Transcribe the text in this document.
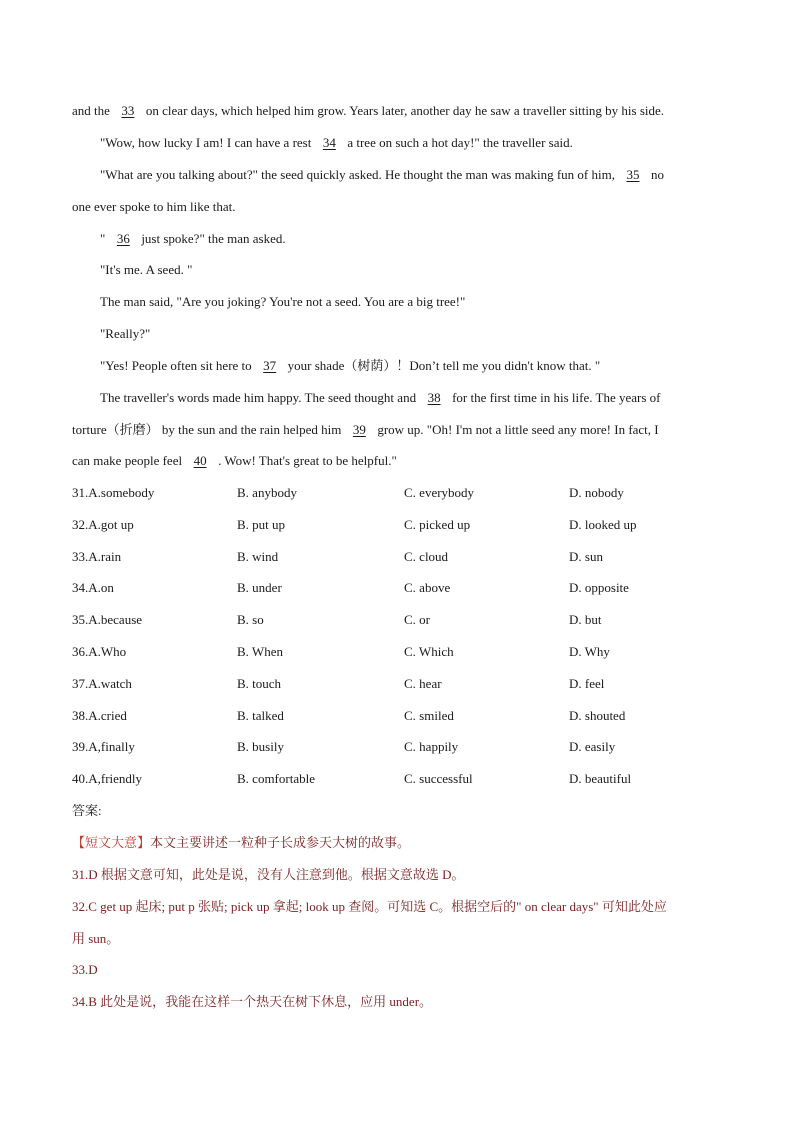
and the 33 on clear days, which helped him grow. Years later, another day he saw a traveller sitting by his side.
"Wow, how lucky I am! I can have a rest 34 a tree on such a hot day!" the traveller said.
"What are you talking about?" the seed quickly asked. He thought the man was making fun of him, 35 no
one ever spoke to him like that.
" 36 just spoke?" the man asked.
"It's me. A seed. "
The man said, "Are you joking? You're not a seed. You are a big tree!"
"Really?"
"Yes! People often sit here to 37 your shade（树荫）！Don’t tell me you didn't know that. "
The traveller's words made him happy. The seed thought and 38 for the first time in his life. The years of
torture（折磨） by the sun and the rain helped him 39 grow up. "Oh! I'm not a little seed any more! In fact, I
can make people feel 40 . Wow! That's great to be helpful."
31.A.somebody	B. anybody	C. everybody	D. nobody
32.A.got up	B. put up	C. picked up	D. looked up
33.A.rain	B. wind	C. cloud	D. sun
34.A.on	B. under	C. above	D. opposite
35.A.because	B. so	C. or	D. but
36.A.Who	B. When	C. Which	D. Why
37.A.watch	B. touch	C. hear	D. feel
38.A.cried	B. talked	C. smiled	D. shouted
39.A,finally	B. busily	C. happily	D. easily
40.A,friendly	B. comfortable	C. successful	D. beautiful
答案:
【短文大意】本文主要讲述一粒种子长成参天大树的故事。
31.D 根据文意可知，此处是说，没有人注意到他。根据文意故选 D。
32.C get up 起床; put p 张贴; pick up 拿起; look up 查阅。可知选 C。根据空后的" on clear days" 可知此处应
用 sun。
33.D
34.B 此处是说，我能在这样一个热天在树下休息，应用 under。
